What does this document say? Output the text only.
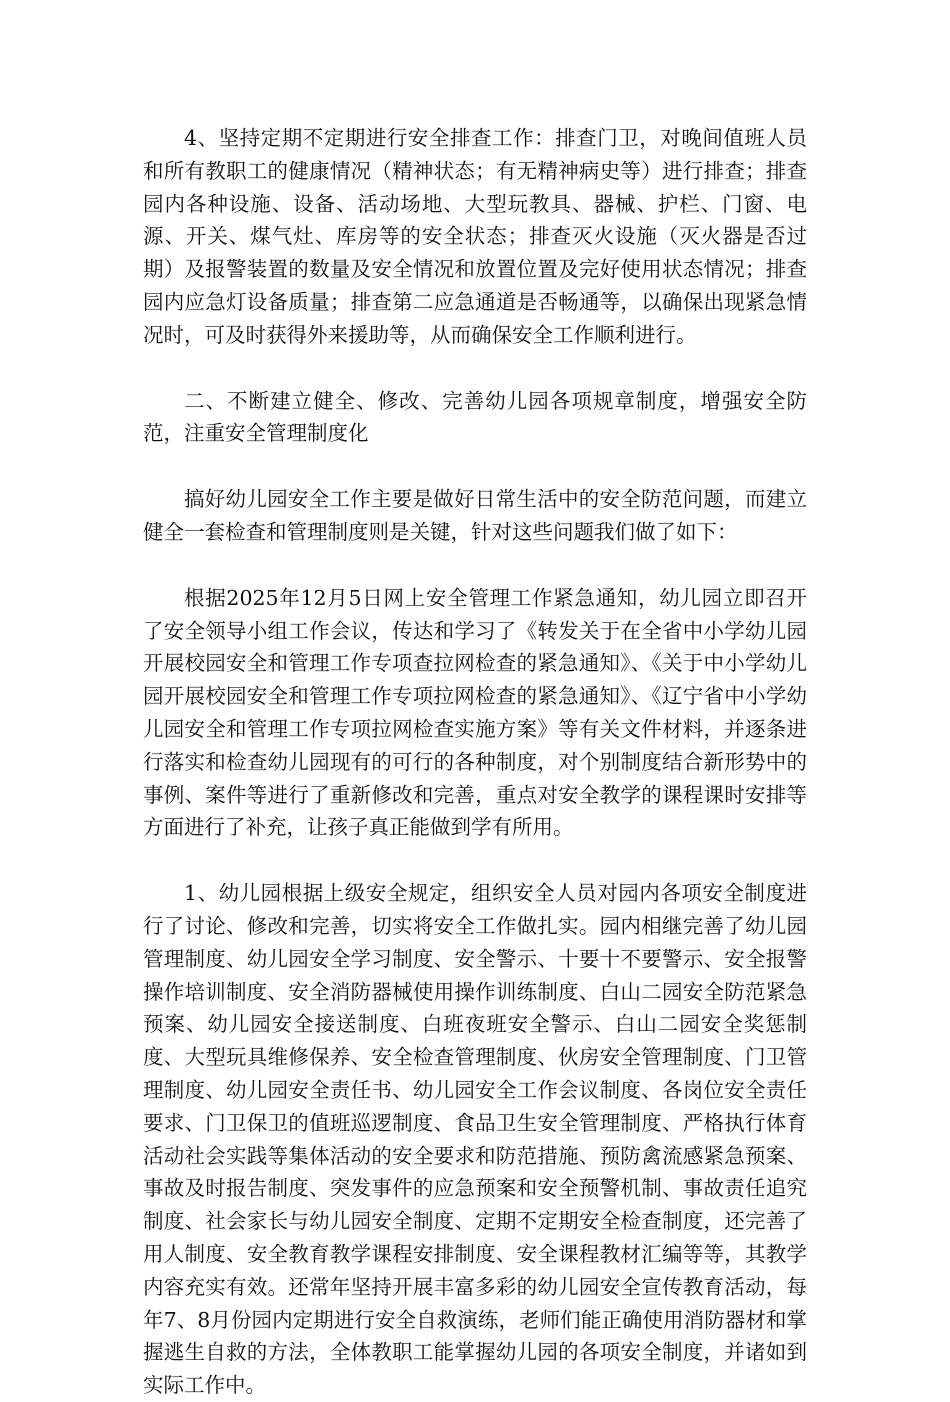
4、坚持定期不定期进行安全排查工作：排查门卫，对晚间值班人员和所有教职工的健康情况（精神状态；有无精神病史等）进行排查；排查园内各种设施、设备、活动场地、大型玩教具、器械、护栏、门窗、电源、开关、煤气灶、库房等的安全状态；排查灭火设施（灭火器是否过期）及报警装置的数量及安全情况和放置位置及完好使用状态情况；排查园内应急灯设备质量；排查第二应急通道是否畅通等，以确保出现紧急情况时，可及时获得外来援助等，从而确保安全工作顺利进行。

二、不断建立健全、修改、完善幼儿园各项规章制度，增强安全防范，注重安全管理制度化

搞好幼儿园安全工作主要是做好日常生活中的安全防范问题，而建立健全一套检查和管理制度则是关键，针对这些问题我们做了如下：

根据2025年12月5日网上安全管理工作紧急通知，幼儿园立即召开了安全领导小组工作会议，传达和学习了《转发关于在全省中小学幼儿园开展校园安全和管理工作专项查拉网检查的紧急通知》、《关于中小学幼儿园开展校园安全和管理工作专项拉网检查的紧急通知》、《辽宁省中小学幼儿园安全和管理工作专项拉网检查实施方案》等有关文件材料，并逐条进行落实和检查幼儿园现有的可行的各种制度，对个别制度结合新形势中的事例、案件等进行了重新修改和完善，重点对安全教学的课程课时安排等方面进行了补充，让孩子真正能做到学有所用。

1、幼儿园根据上级安全规定，组织安全人员对园内各项安全制度进行了讨论、修改和完善，切实将安全工作做扎实。园内相继完善了幼儿园管理制度、幼儿园安全学习制度、安全警示、十要十不要警示、安全报警操作培训制度、安全消防器械使用操作训练制度、白山二园安全防范紧急预案、幼儿园安全接送制度、白班夜班安全警示、白山二园安全奖惩制度、大型玩具维修保养、安全检查管理制度、伙房安全管理制度、门卫管理制度、幼儿园安全责任书、幼儿园安全工作会议制度、各岗位安全责任要求、门卫保卫的值班巡逻制度、食品卫生安全管理制度、严格执行体育活动社会实践等集体活动的安全要求和防范措施、预防禽流感紧急预案、事故及时报告制度、突发事件的应急预案和安全预警机制、事故责任追究制度、社会家长与幼儿园安全制度、定期不定期安全检查制度，还完善了用人制度、安全教育教学课程安排制度、安全课程教材汇编等等，其教学内容充实有效。还常年坚持开展丰富多彩的幼儿园安全宣传教育活动，每年7、8月份园内定期进行安全自救演练，老师们能正确使用消防器材和掌握逃生自救的方法，全体教职工能掌握幼儿园的各项安全制度，并诸如到实际工作中。
